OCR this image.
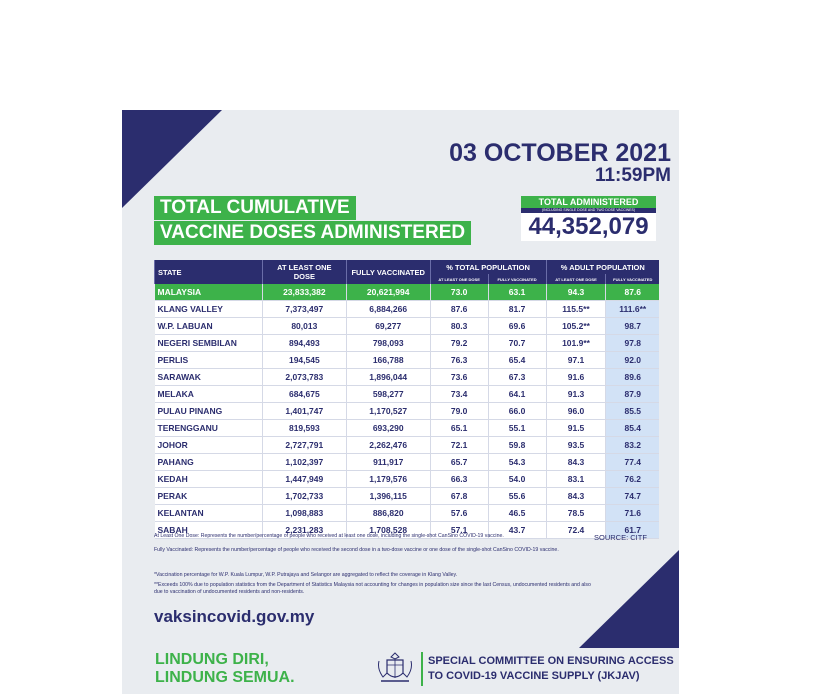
03 OCTOBER 2021
11:59PM
TOTAL CUMULATIVE
VACCINE DOSES ADMINISTERED
TOTAL ADMINISTERED
(INCLUDING SINGLE DOSE AND TWO DOSE VACCINES)
44,352,079
STATE	AT LEAST ONE DOSE	FULLY VACCINATED	% TOTAL POPULATION		% ADULT POPULATION	
			AT LEAST ONE DOSE	FULLY VACCINATED	AT LEAST ONE DOSE	FULLY VACCINATED
MALAYSIA	23,833,382	20,621,994	73.0	63.1	94.3	87.6
KLANG VALLEY	7,373,497	6,884,266	87.6	81.7	115.5**	111.6**
W.P. LABUAN	80,013	69,277	80.3	69.6	105.2**	98.7
NEGERI SEMBILAN	894,493	798,093	79.2	70.7	101.9**	97.8
PERLIS	194,545	166,788	76.3	65.4	97.1	92.0
SARAWAK	2,073,783	1,896,044	73.6	67.3	91.6	89.6
MELAKA	684,675	598,277	73.4	64.1	91.3	87.9
PULAU PINANG	1,401,747	1,170,527	79.0	66.0	96.0	85.5
TERENGGANU	819,593	693,290	65.1	55.1	91.5	85.4
JOHOR	2,727,791	2,262,476	72.1	59.8	93.5	83.2
PAHANG	1,102,397	911,917	65.7	54.3	84.3	77.4
KEDAH	1,447,949	1,179,576	66.3	54.0	83.1	76.2
PERAK	1,702,733	1,396,115	67.8	55.6	84.3	74.7
KELANTAN	1,098,883	886,820	57.6	46.5	78.5	71.6
SABAH	2,231,283	1,708,528	57.1	43.7	72.4	61.7
At Least One Dose: Represents the number/percentage of people who received at least one dose, including the single-shot CanSino COVID-19 vaccine.
Fully Vaccinated: Represents the number/percentage of people who received the second dose in a two-dose vaccine or one dose of the single-shot CanSino COVID-19 vaccine.
*Vaccination percentage for W.P. Kuala Lumpur, W.P. Putrajaya and Selangor are aggregated to reflect the coverage in Klang Valley.
**Exceeds 100% due to population statistics from the Department of Statistics Malaysia not accounting for changes in population size since the last Census, undocumented residents and also due to vaccination of undocumented residents and non-residents.
SOURCE: CITF
vaksincovid.gov.my
LINDUNG DIRI,
LINDUNG SEMUA.
SPECIAL COMMITTEE ON ENSURING ACCESS
TO COVID-19 VACCINE SUPPLY (JKJAV)
